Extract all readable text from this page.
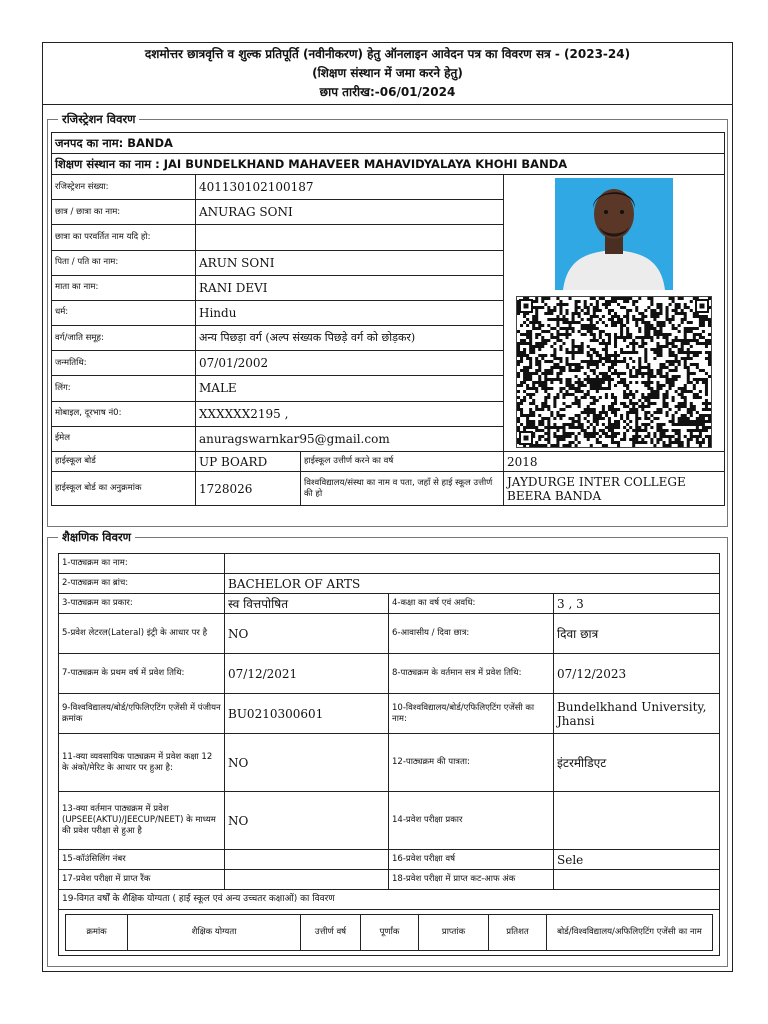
दशमोत्तर छात्रवृत्ति व शुल्क प्रतिपूर्ति (नवीनीकरण) हेतु ऑनलाइन आवेदन पत्र का विवरण सत्र - (2023-24)
(शिक्षण संस्थान में जमा करने हेतु)
छाप तारीख:-06/01/2024
रजिस्ट्रेशन विवरण
जनपद का नाम: BANDA			
शिक्षण संस्थान का नाम : JAI BUNDELKHAND MAHAVEER MAHAVIDYALAYA KHOHI BANDA			
रजिस्ट्रेशन संख्या:	401130102100187	

छात्र / छात्रा का नाम:	ANURAG SONI		
छात्रा का परवर्तित नाम यदि हो:			
पिता / पति का नाम:	ARUN SONI		
माता का नाम:	RANI DEVI		
धर्म:	Hindu		
वर्ग/जाति समूह:	अन्य पिछड़ा वर्ग (अल्प संख्यक पिछड़े वर्ग को छोड़कर)		
जन्मतिथि:	07/01/2002		
लिंग:	MALE		
मोबाइल, दूरभाष नं0:	XXXXXX2195 ,		
ईमेल	anuragswarnkar95@gmail.com		
हाईस्कूल बोर्ड	UP BOARD	हाईस्कूल उत्तीर्ण करने का वर्ष	2018
हाईस्कूल बोर्ड का अनुक्रमांक	1728026	विश्वविद्यालय/संस्था का नाम व पता, जहाँ से हाई स्कूल उत्तीर्ण की हो	JAYDURGE INTER COLLEGE BEERA BANDA
शैक्षणिक विवरण
1-पाठ्यक्रम का नाम:	
2-पाठ्यक्रम का ब्रांच:	BACHELOR OF ARTS
3-पाठ्यक्रम का प्रकार:	स्व वित्तपोषित	4-कक्षा का वर्ष एवं अवधि:	3 , 3
5-प्रवेश लेटरल(Lateral) इंट्री के आधार पर है	NO	6-आवासीय / दिवा छात्र:	दिवा छात्र
7-पाठ्यक्रम के प्रथम वर्ष में प्रवेश तिथि:	07/12/2021	8-पाठ्यक्रम के वर्तमान सत्र में प्रवेश तिथि:	07/12/2023
9-विश्वविद्यालय/बोर्ड/एफिलिएटिंग एजेंसी में पंजीयन क्रमांक	BU0210300601	10-विश्वविद्यालय/बोर्ड/एफिलिएटिंग एजेंसी का नाम:	Bundelkhand University, Jhansi
11-क्या व्यवसायिक पाठ्यक्रम में प्रवेश कक्षा 12 के अंको/मेरिट के आधार पर हुआ है:	NO	12-पाठ्यक्रम की पात्रता:	इंटरमीडिएट
13-क्या वर्तमान पाठ्यक्रम में प्रवेश (UPSEE(AKTU)/JEECUP/NEET) के माध्यम की प्रवेश परीक्षा से हुआ है	NO	14-प्रवेश परीक्षा प्रकार	
15-कॉउंसिलिंग नंबर		16-प्रवेश परीक्षा वर्ष	Sele
17-प्रवेश परीक्षा में प्राप्त रैंक		18-प्रवेश परीक्षा में प्राप्त कट-आफ अंक	
19-विगत वर्षों के शैक्षिक योग्यता ( हाई स्कूल एवं अन्य उच्चतर कक्षाओं) का विवरण

क्रमांक	शैक्षिक योग्यता	उत्तीर्ण वर्ष	पूर्णांक	प्राप्तांक	प्रतिशत	बोर्ड/विश्वविद्यालय/अफिलिएटिंग एजेंसी का नाम
